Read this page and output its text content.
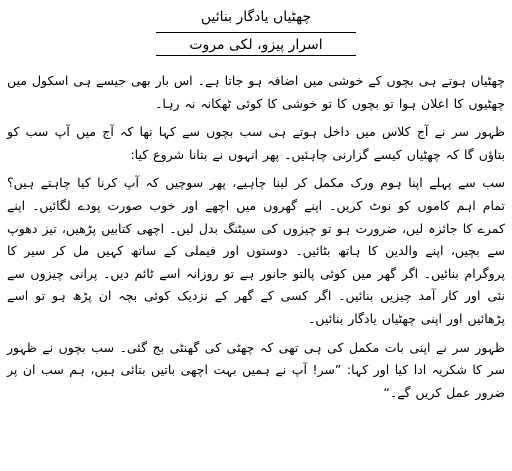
چھٹیاں یادگار بنائیں
اسرار پیزو، لکی مروت

چھٹیاں ہوتے ہی بچوں کے خوشی میں اضافہ ہو جاتا ہے۔ اس بار بھی جیسے ہی اسکول میں چھٹیوں کا اعلان ہوا تو بچوں کا تو خوشی کا کوئی ٹھکانہ نہ رہا۔

ظہور سر نے آج کلاس میں داخل ہوتے ہی سب بچوں سے کہا تھا کہ آج میں آپ سب کو بتاؤں گا کہ چھٹیاں کیسے گزارنی چاہئیں۔ پھر انہوں نے بتانا شروع کیا:

سب سے پہلے اپنا ہوم ورک مکمل کر لینا چاہیے، پھر سوچیں کہ آپ کرنا کیا چاہتے ہیں؟ تمام اہم کاموں کو نوٹ کریں۔ اپنے گھروں میں اچھے اور خوب صورت پودے لگائیں۔ اپنے کمرے کا جائزہ لیں، ضرورت ہو تو چیزوں کی سیٹنگ بدل لیں۔ اچھی کتابیں پڑھیں، تیز دھوپ سے بچیں، اپنے والدین کا ہاتھ بٹائیں۔ دوستوں اور فیملی کے ساتھ کہیں مل کر سیر کا پروگرام بنائیں۔ اگر گھر میں کوئی پالتو جانور ہے تو روزانہ اسے ٹائم دیں۔ پرانی چیزوں سے نئی اور کار آمد چیزیں بنائیں۔ اگر کسی کے گھر کے نزدیک کوئی بچہ ان پڑھ ہو تو اسے پڑھائیں اور اپنی چھٹیاں یادگار بنائیں۔

ظہور سر نے اپنی بات مکمل کی ہی تھی کہ چھٹی کی گھنٹی بج گئی۔ سب بچوں نے ظہور سر کا شکریہ ادا کیا اور کہا: ”سر! آپ نے ہمیں بہت اچھی باتیں بتائی ہیں، ہم سب ان پر ضرور عمل کریں گے۔“
